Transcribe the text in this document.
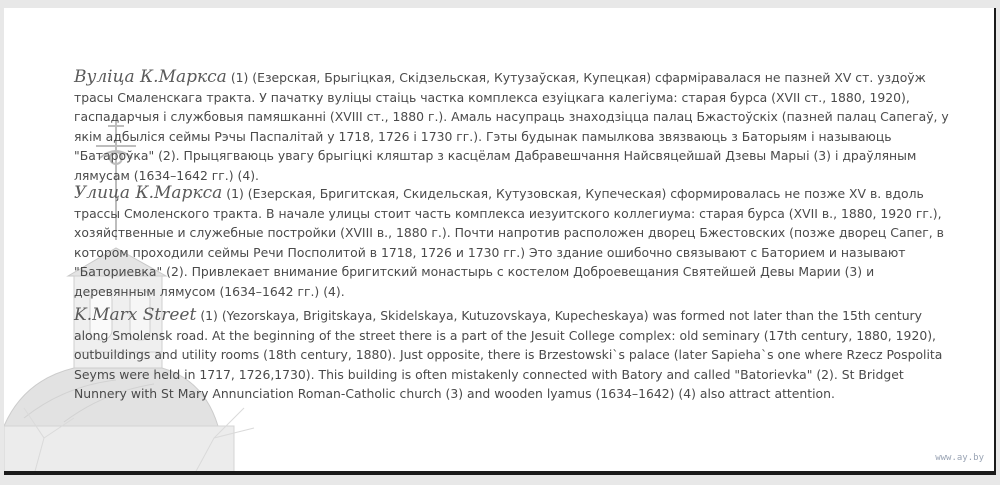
Вуліца К.Маркса (1) (Езерская, Брыгіцкая, Скідзельская, Кутузаўская, Купецкая) сфарміравалася не пазней XV ст. уздоўж трасы Смаленскага тракта. У пачатку вуліцы стаіць частка комплекса езуіцкага калегіума: старая бурса (XVII ст., 1880, 1920), гаспадарчыя і службовыя памяшканні (XVIII ст., 1880 г.). Амаль насупраць знаходзіцца палац Бжастоўскіх (пазней палац Сапегаў, у якім адбыліся сеймы Рэчы Паспалітай у 1718, 1726 і 1730 гг.). Гэты будынак памылкова звязваюць з Баторыям і называюць "Батароўка" (2). Прыцягваюць увагу брыгіцкі кляштар з касцёлам Дабравешчання Найсвяцейшай Дзевы Марыі (3) і драўляным лямусам (1634–1642 гг.) (4).

Улица К.Маркса (1) (Езерская, Бригитская, Скидельская, Кутузовская, Купеческая) сформировалась не позже XV в. вдоль трассы Смоленского тракта. В начале улицы стоит часть комплекса иезуитского коллегиума: старая бурса (XVII в., 1880, 1920 гг.), хозяйственные и служебные постройки (XVIII в., 1880 г.). Почти напротив расположен дворец Бжестовских (позже дворец Сапег, в котором проходили сеймы Речи Посполитой в 1718, 1726 и 1730 гг.) Это здание ошибочно связывают с Баторием и называют "Баториевка" (2). Привлекает внимание бригитский монастырь с костелом Доброевещания Святейшей Девы Марии (3) и деревянным лямусом (1634–1642 гг.) (4).

K.Marx Street (1) (Yezorskaya, Brigitskaya, Skidelskaya, Kutuzovskaya, Kupecheskaya) was formed not later than the 15th century along Smolensk road. At the beginning of the street there is a part of the Jesuit College complex: old seminary (17th century, 1880, 1920), outbuildings and utility rooms (18th century, 1880). Just opposite, there is Brzestowski`s palace (later Sapieha`s one where Rzecz Pospolita Seyms were held in 1717, 1726,1730). This building is often mistakenly connected with Batory and called "Batorievka" (2). St Bridget Nunnery with St Mary Annunciation Roman-Catholic church (3) and wooden lyamus (1634–1642) (4) also attract attention.

www.ay.by
